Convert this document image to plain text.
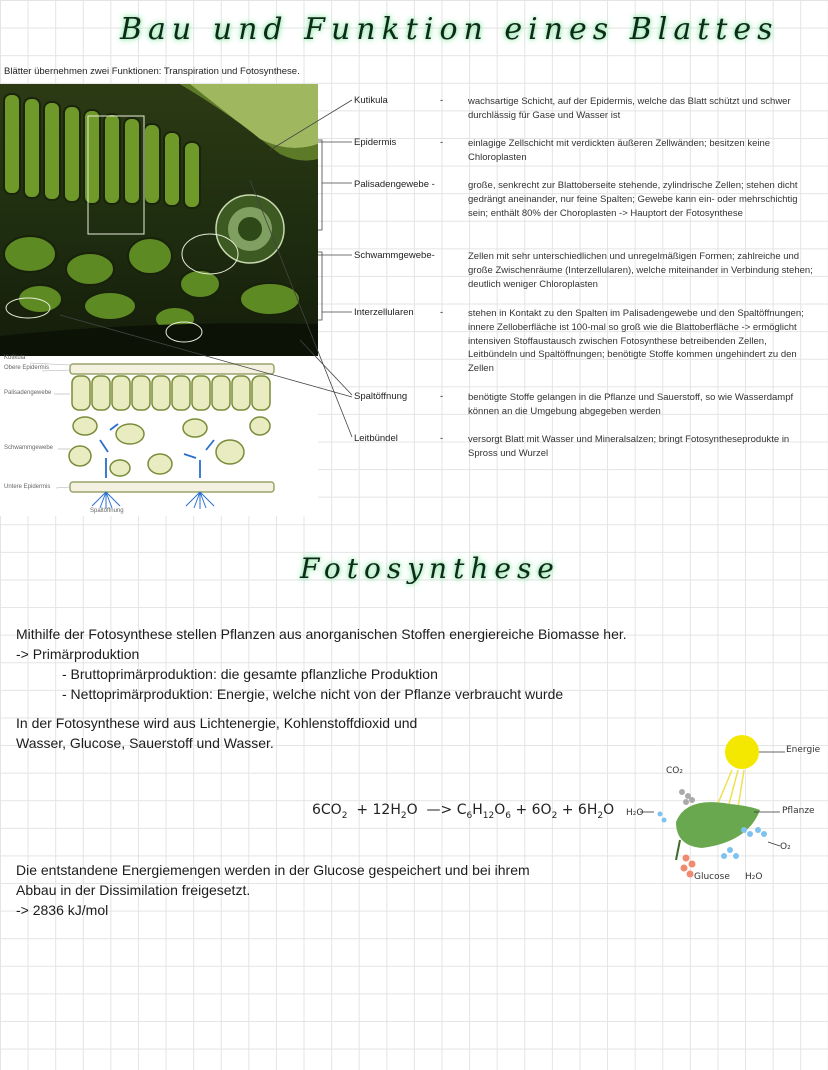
Bau und Funktion eines Blattes
Blätter übernehmen zwei Funktionen: Transpiration und Fotosynthese.
Kutikula
Obere Epidermis
Palisadengewebe
Schwammgewebe
Untere Epidermis
Spaltöffnung
Kutikula	-	wachsartige Schicht, auf der Epidermis, welche das Blatt schützt und schwer durchlässig für Gase und Wasser ist
Epidermis	-	einlagige Zellschicht mit verdickten äußeren Zellwänden; besitzen keine Chloroplasten
Palisadengewebe -	große, senkrecht zur Blattoberseite stehende, zylindrische Zellen; stehen dicht gedrängt aneinander, nur feine Spalten; Gewebe kann ein- oder mehrschichtig sein; enthält 80% der Choroplasten -> Hauptort der Fotosynthese
Schwammgewebe-	Zellen mit sehr unterschiedlichen und unregelmäßigen Formen; zahlreiche und große Zwischenräume (Interzellularen), welche miteinander in Verbindung stehen; deutlich weniger Chloroplasten
Interzellularen	-	stehen in Kontakt zu den Spalten im Palisadengewebe und den Spaltöffnungen; innere Zelloberfläche ist 100-mal so groß wie die Blattoberfläche -> ermöglicht intensiven Stoffaustausch zwischen Fotosynthese betreibenden Zellen, Leitbündeln und Spaltöffnungen; benötigte Stoffe kommen ungehindert zu den Zellen
Spaltöffnung	-	benötigte Stoffe gelangen in die Pflanze und Sauerstoff, so wie Wasserdampf können an die Umgebung abgegeben werden
Leitbündel	-	versorgt Blatt mit Wasser und Mineralsalzen; bringt Fotosyntheseprodukte in Spross und Wurzel
Fotosynthese
Mithilfe der Fotosynthese stellen Pflanzen aus anorganischen Stoffen energiereiche Biomasse her.
-> Primärproduktion
- Bruttoprimärproduktion: die gesamte pflanzliche Produktion
- Nettoprimärproduktion: Energie, welche nicht von der Pflanze verbraucht wurde
In der Fotosynthese wird aus Lichtenergie, Kohlenstoffdioxid und
Wasser, Glucose, Sauerstoff und Wasser.
$6CO_2 + 12H_2O$ —> $C_6H_{12}O_6 + 6O_2 + 6H_2O$
Energie
CO₂
H₂O	Pflanze
O₂
Glucose H₂O
Die entstandene Energiemengen werden in der Glucose gespeichert und bei ihrem
Abbau in der Dissimilation freigesetzt.
-> 2836 kJ/mol
